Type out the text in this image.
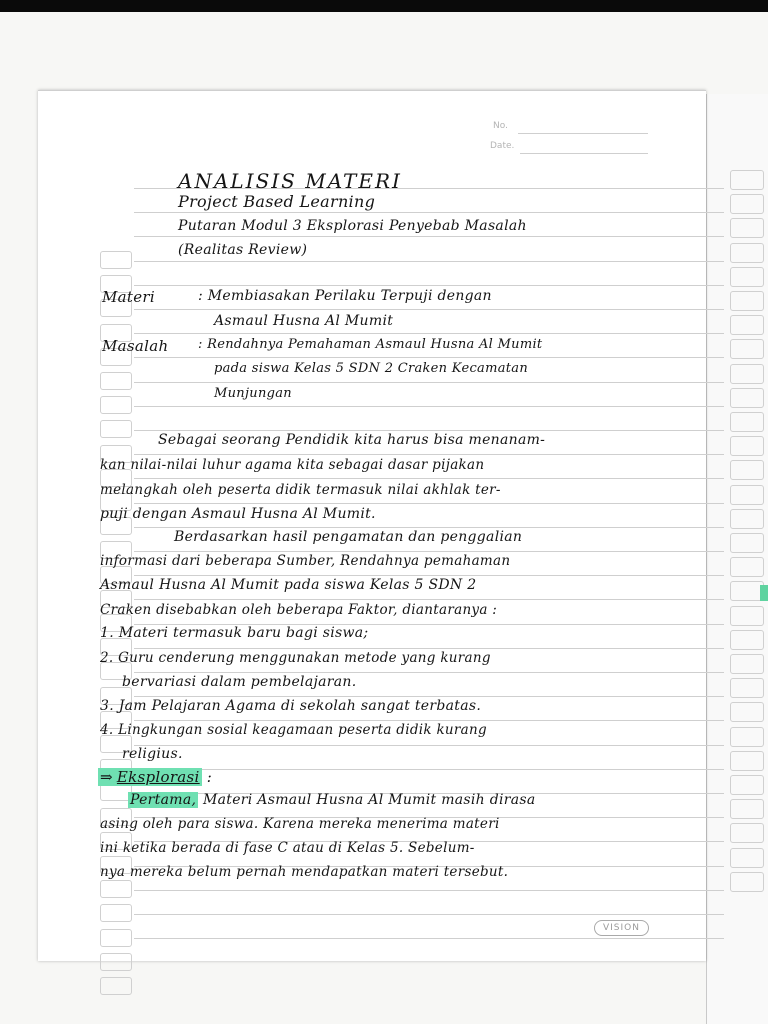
No.
Date.
ANALISIS MATERI
Project Based Learning
Putaran Modul 3 Eksplorasi Penyebab Masalah
(Realitas Review)
Materi	: Membiasakan Perilaku Terpuji dengan
Asmaul Husna Al Mumit
Masalah : Rendahnya Pemahaman Asmaul Husna Al Mumit
pada siswa Kelas 5 SDN 2 Craken Kecamatan
Munjungan
Sebagai seorang Pendidik kita harus bisa menanam-
kan nilai-nilai luhur agama kita sebagai dasar pijakan
melangkah oleh peserta didik termasuk nilai akhlak ter-
puji dengan Asmaul Husna Al Mumit.
Berdasarkan hasil pengamatan dan penggalian
informasi dari beberapa Sumber, Rendahnya pemahaman
Asmaul Husna Al Mumit pada siswa Kelas 5 SDN 2
Craken disebabkan oleh beberapa Faktor, diantaranya :
1. Materi termasuk baru bagi siswa;
2. Guru cenderung menggunakan metode yang kurang
bervariasi dalam pembelajaran.
3. Jam Pelajaran Agama di sekolah sangat terbatas.
4. Lingkungan sosial keagamaan peserta didik kurang
religius.
⇒ Eksplorasi :
Pertama, Materi Asmaul Husna Al Mumit masih dirasa
asing oleh para siswa. Karena mereka menerima materi
ini ketika berada di fase C atau di Kelas 5. Sebelum-
nya mereka belum pernah mendapatkan materi tersebut.
VISION
